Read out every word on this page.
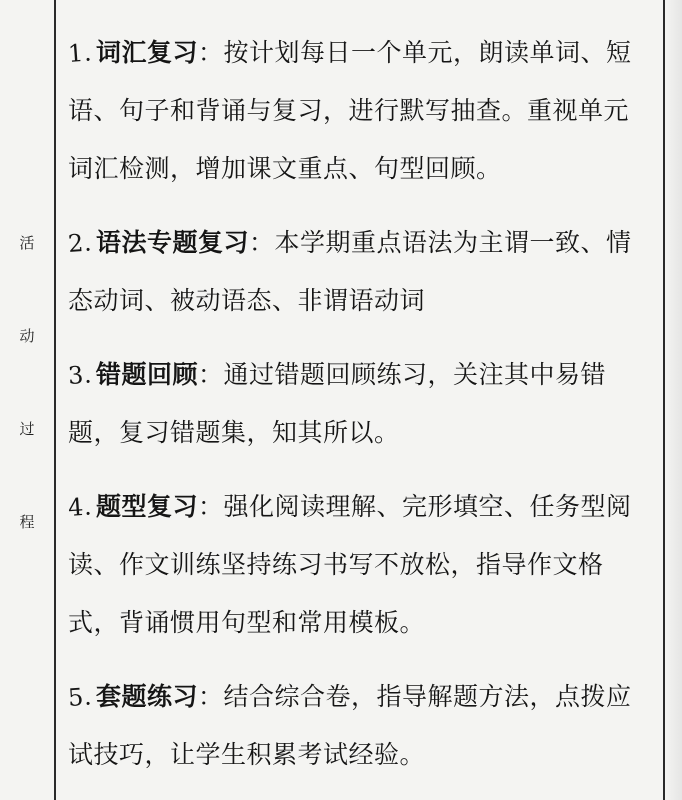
活
动
过
程

1. 词汇复习：按计划每日一个单元，朗读单词、短语、句子和背诵与复习，进行默写抽查。重视单元词汇检测，增加课文重点、句型回顾。

2. 语法专题复习：本学期重点语法为主谓一致、情态动词、被动语态、非谓语动词

3. 错题回顾：通过错题回顾练习，关注其中易错题，复习错题集，知其所以。

4. 题型复习：强化阅读理解、完形填空、任务型阅读、作文训练坚持练习书写不放松，指导作文格式，背诵惯用句型和常用模板。

5. 套题练习：结合综合卷，指导解题方法，点拨应试技巧，让学生积累考试经验。
